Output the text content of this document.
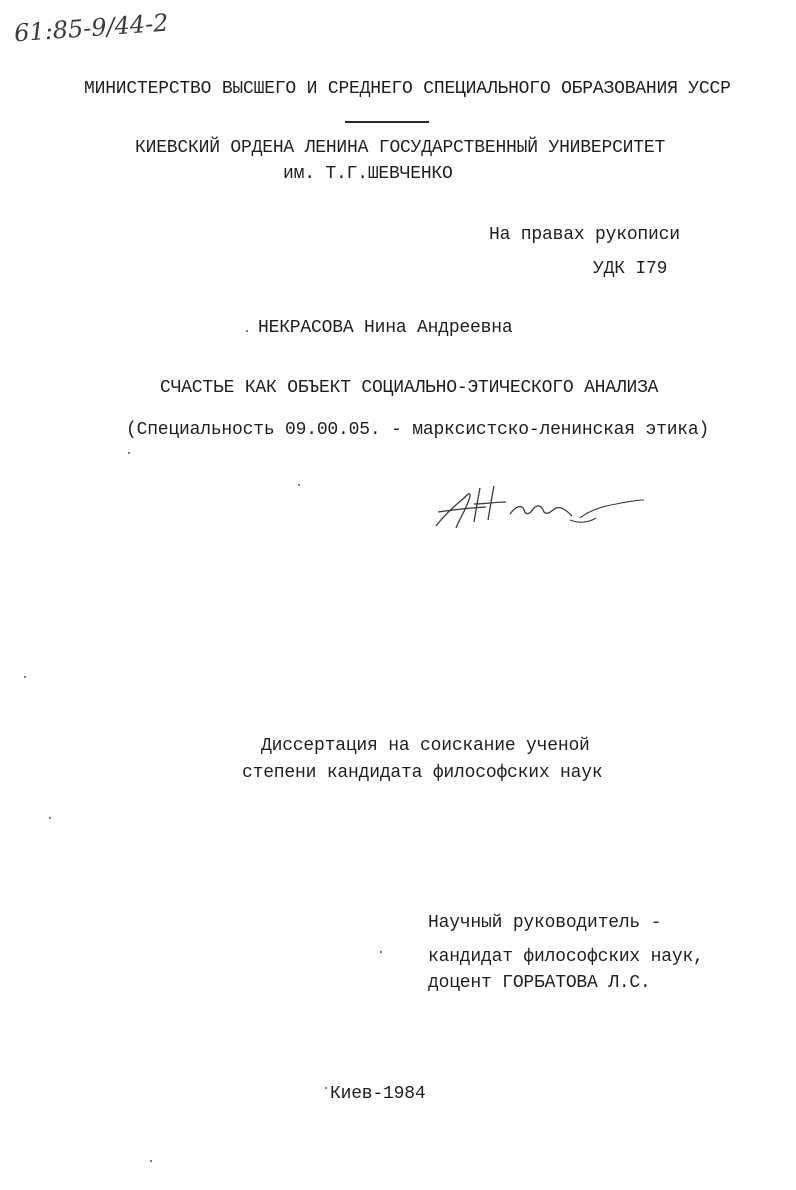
61:85-9/44-2
МИНИСТЕРСТВО ВЫСШЕГО И СРЕДНЕГО СПЕЦИАЛЬНОГО ОБРАЗОВАНИЯ УССР
КИЕВСКИЙ ОРДЕНА ЛЕНИНА ГОСУДАРСТВЕННЫЙ УНИВЕРСИТЕТ
им. Т.Г.ШЕВЧЕНКО
На правах рукописи
УДК I79
НЕКРАСОВА Нина Андреевна
СЧАСТЬЕ КАК ОБЪЕКТ СОЦИАЛЬНО-ЭТИЧЕСКОГО АНАЛИЗА
(Специальность 09.00.05. - марксистско-ленинская этика)
Диссертация на соискание ученой
степени кандидата философских наук
Научный руководитель -
кандидат философских наук,
доцент ГОРБАТОВА Л.С.
Киев-1984
